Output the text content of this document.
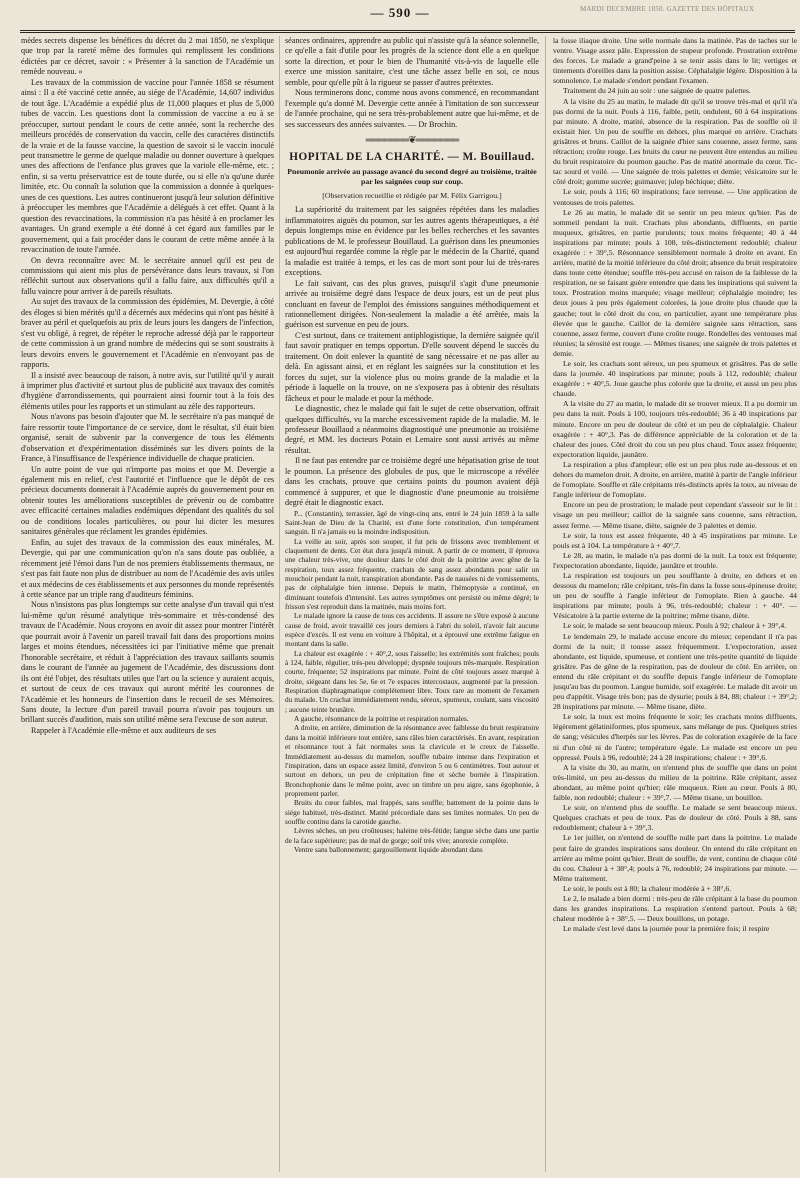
— 590 —	MARDI DECEMBRE 1850. GAZETTE DES HÔPITAUX

mèdes secrets dispense les bénéfices du décret du 2 mai 1850, ne s'explique que trop par la rareté même des formules qui remplissent les conditions édictées par ce décret, savoir : « Présenter à la sanction de l'Académie un remède nouveau. »

Les travaux de la commission de vaccine pour l'année 1858 se résument ainsi : Il a été vacciné cette année, au siége de l'Académie, 14,607 individus de tout âge. L'Académie a expédié plus de 11,000 plaques et plus de 5,000 tubes de vaccin. Les questions dont la commission de vaccine a eu à se préoccuper, surtout pendant le cours de cette année, sont la recherche des meilleurs procédés de conservation du vaccin, celle des caractères distinctifs de la vraie et de la fausse vaccine, la question de savoir si le vaccin inoculé peut transmettre le germe de quelque maladie ou donner ouverture à quelques unes des affections de l'enfance plus graves que la variole elle-même, etc. ; enfin, si sa vertu préservatrice est de toute durée, ou si elle n'a qu'une durée limitée, etc. Ou connaît la solution que la commission a donnée à quelques-unes de ces questions. Les autres continueront jusqu'à leur solution définitive à préoccuper les membres que l'Académie a délégués à cet effet. Quant à la question des revaccinations, la commission n'a pas hésité à en proclamer les avantages. Un grand exemple a été donné à cet égard aux familles par le gouvernement, qui a fait procéder dans le courant de cette même année à la revaccination de toute l'armée.

On devra reconnaître avec M. le secrétaire annuel qu'il est peu de commissions qui aient mis plus de persévérance dans leurs travaux, si l'on réfléchit surtout aux observations qu'il a fallu faire, aux difficultés qu'il a fallu vaincre pour arriver à de pareils résultats.

Au sujet des travaux de la commission des épidémies, M. Devergie, à côté des éloges si bien mérités qu'il a décernés aux médecins qui n'ont pas hésité à braver au péril et quelquefois au prix de leurs jours les dangers de l'infection, s'est vu obligé, à regret, de répéter le reproche adressé déjà par le rapporteur de cette commission à un grand nombre de médecins qui se sont soustraits à leurs devoirs envers le gouvernement et l'Académie en n'envoyant pas de rapports.

Il a insisté avec beaucoup de raison, à notre avis, sur l'utilité qu'il y aurait à imprimer plus d'activité et surtout plus de publicité aux travaux des comités d'hygiène d'arrondissements, qui pourraient ainsi fournir tout à la fois des éléments utiles pour les rapports et un stimulant au zèle des rapporteurs.

Nous n'avons pas besoin d'ajouter que M. le secrétaire n'a pas manqué de faire ressortir toute l'importance de ce service, dont le résultat, s'il était bien organisé, serait de subvenir par la convergence de tous les éléments d'observation et d'expérimentation disséminés sur les divers points de la France, à l'insuffisance de l'expérience individuelle de chaque praticien.

Un autre point de vue qui n'importe pas moins et que M. Devergie a également mis en relief, c'est l'autorité et l'influence que le dépôt de ces précieux documents donnerait à l'Académie auprès du gouvernement pour en obtenir toutes les améliorations susceptibles de prévenir ou de combattre avec efficacité certaines maladies endémiques dépendant des qualités du sol ou de conditions locales particulières, ou pour lui dicter les mesures sanitaires générales que réclament les grandes épidémies.

Enfin, au sujet des travaux de la commission des eaux minérales, M. Devergie, qui par une communication qu'on n'a sans doute pas oubliée, a récemment jeté l'émoi dans l'un de nos premiers établissements thermaux, ne s'est pas fait faute non plus de distribuer au nom de l'Académie des avis utiles et aux médecins de ces établissements et aux personnes du monde représentés à cette séance par un triple rang d'auditeurs féminins.

Nous n'insistons pas plus longtemps sur cette analyse d'un travail qui n'est lui-même qu'un résumé analytique très-sommaire et très-condensé des travaux de l'Académie. Nous croyons en avoir dit assez pour montrer l'intérêt que pourrait avoir à l'avenir un pareil travail fait dans des proportions moins larges et moins étendues, nécessitées ici par l'initiative même que prenait l'honorable secrétaire, et réduit à l'appréciation des travaux saillants soumis dans le courant de l'année au jugement de l'Académie, des discussions dont ils ont été l'objet, des résultats utiles que l'art ou la science y auraient acquis, et surtout de ceux de ces travaux qui auront mérité les couronnes de l'Académie et les honneurs de l'insertion dans le recueil de ses Mémoires. Sans doute, la lecture d'un pareil travail pourra n'avoir pas toujours un brillant succès d'audition, mais son utilité même sera l'excuse de son auteur.

Rappeler à l'Académie elle-même et aux auditeurs de ses

séances ordinaires, apprendre au public qui n'assiste qu'à la séance solennelle, ce qu'elle a fait d'utile pour les progrès de la science dont elle a en quelque sorte la direction, et pour le bien de l'humanité vis-à-vis de laquelle elle exerce une mission sanitaire, c'est une tâche assez belle en soi, ce nous semble, pour qu'elle pût à la rigueur se passer d'autres prétextes.

Nous terminerons donc, comme nous avons commencé, en recommandant l'exemple qu'a donné M. Devergie cette année à l'imitation de son successeur de l'année prochaine, qui ne sera très-probablement autre que lui-même, et de ses successeurs des années suivantes. — Dr Brochin.

═══════❦═══════
HOPITAL DE LA CHARITÉ. — M. Bouillaud.
Pneumonie arrivée au passage avancé du second degré au troisième, traitée par les saignées coup sur coup.
[Observation recueillie et rédigée par M. Félix Garrigou.]

La supériorité du traitement par les saignées répétées dans les maladies inflammatoires aiguës du poumon, sur les autres agents thérapeutiques, a été depuis longtemps mise en évidence par les belles recherches et les savantes publications de M. le professeur Bouillaud. La guérison dans les pneumonies est aujourd'hui regardée comme la règle par le médecin de la Charité, quand la maladie est traitée à temps, et les cas de mort sont pour lui de très-rares exceptions.

Le fait suivant, cas des plus graves, puisqu'il s'agit d'une pneumonie arrivée au troisième degré dans l'espace de deux jours, est un de peut plus concluant en faveur de l'emploi des émissions sanguines méthodiquement et rationnellement dirigées. Non-seulement la maladie a été arrêtée, mais la guérison est survenue en peu de jours.

C'est surtout, dans ce traitement antiphlogistique, la dernière saignée qu'il faut savoir pratiquer en temps opportun. D'elle souvent dépend le succès du traitement. On doit enlever la quantité de sang nécessaire et ne pas aller au delà. En agissant ainsi, et en réglant les saignées sur la constitution et les forces du sujet, sur la violence plus ou moins grande de la maladie et la période à laquelle on la trouve, on ne s'exposera pas à obtenir des résultats fâcheux et pour le malade et pour la méthode.

Le diagnostic, chez le malade qui fait le sujet de cette observation, offrait quelques difficultés, vu la marche excessivement rapide de la maladie. M. le professeur Bouillaud a néanmoins diagnostiqué une pneumonie au troisième degré, et MM. les docteurs Potain et Lemaire sont aussi arrivés au même résultat.

Il ne faut pas entendre par ce troisième degré une hépatisation grise de tout le poumon. La présence des globules de pus, que le microscope a révélée dans les crachats, prouve que certains points du poumon avaient déjà commencé à suppurer, et que le diagnostic d'une pneumonie au troisième degré était le diagnostic exact.

P... (Constantin), terrassier, âgé de vingt-cinq ans, entré le 24 juin 1859 à la salle Saint-Jean de Dieu de la Charité, est d'une forte constitution, d'un tempérament sanguin. Il n'a jamais eu la moindre indisposition.

La veille au soir, après son souper, il fut pris de frissons avec tremblement et claquement de dents. Cet état dura jusqu'à minuit. A partir de ce moment, il éprouva une chaleur très-vive, une douleur dans le côté droit de la poitrine avec gêne de la respiration, toux assez fréquente, crachats de sang assez abondants pour salir un mouchoir pendant la nuit, transpiration abondante. Pas de nausées ni de vomissements, pas de céphalalgie bien intense. Depuis le matin, l'hémoptysie a continué, en diminuant toutefois d'intensité. Les autres symptômes ont persisté ou même dégré; le frisson s'est reproduit dans la matinée, mais moins fort.

Le malade ignore la cause de tous ces accidents. Il assure ne s'être exposé à aucune cause de froid, avoir travaillé ces jours derniers à l'abri du soleil, n'avoir fait aucune espèce d'excès. Il est venu en voiture à l'hôpital, et a éprouvé une extrême fatigue en montant dans la salle.

La chaleur est exagérée : + 40°,2, sous l'aisselle; les extrémités sont fraîches; pouls à 124, faible, régulier, très-peu développé; dyspnée toujours très-marquée. Respiration courte, fréquente; 52 inspirations par minute. Point de côté toujours assez marqué à droite, siégeant dans les 5e, 6e et 7e espaces intercostaux, augmenté par la pression. Respiration diaphragmatique complétement libre. Toux rare au moment de l'examen du malade. Un crachat immédiatement rendu, séreux, spumeux, coulant, sans viscosité ; aucune teinte brunâtre.

A gauche, résonnance de la poitrine et respiration normales.

A droite, en arrière, diminution de la résonnance avec faiblesse du bruit respiratoire dans la moitié inférieure tout entière, sans râles bien caractérisés. En avant, respiration et résonnance tout à fait normales sous la clavicule et le creux de l'aisselle. Immédiatement au-dessus du mamelon, souffle tubaire intense dans l'expiration et l'inspiration, dans un espace assez limité, d'environ 5 ou 6 centimètres. Tout autour et surtout en dehors, un peu de crépitation fine et sèche bornée à l'inspiration. Bronchophonie dans le même point, avec un timbre un peu aigre, sans égophonie, à proprement parler.

Bruits du cœur faibles, mal frappés, sans souffle; battement de la pointe dans le siége habituel, très-distinct. Matité précordiale dans ses limites normales. Un peu de souffle continu dans la carotide gauche.

Lèvres sèches, un peu croûteuses; haleine très-fétide; langue sèche dans une partie de la face supérieure; pas de mal de gorge; soif très vive; anorexie complète.

Ventre sans ballonnement; gargouillement liquide abondant dans

la fosse iliaque droite. Une selle normale dans la matinée. Pas de taches sur le ventre. Visage assez pâle. Expression de stupeur profonde. Prostration extrême des forces. Le malade a grand'peine à se tenir assis dans le lit; vertiges et tintements d'oreilles dans la position assise. Céphalalgie légère. Disposition à la somnolence. Le malade s'endort pendant l'examen.

Traitement du 24 juin au soir : une saignée de quatre palettes.

A la visite du 25 au matin, le malade dit qu'il se trouve très-mal et qu'il n'a pas dormi de la nuit. Pouls à 116, faible, petit, ondulent, 60 à 64 inspirations par minute. A droite, matité, absence de la respiration. Pas de souffle où il existait hier. Un peu de souffle en dehors, plus marqué en arrière. Crachats grisâtres et bruns. Caillot de la saignée d'hier sans couenne, assez ferme, sans rétraction; croûte rouge. Les bruits du cœur ne peuvent être entendus au milieu du bruit respiratoire du poumon gauche. Pas de matité anormale du cœur. Tic-tac sourd et voilé. — Une saignée de trois palettes et demie; vésicatoire sur le côté droit; gomme sucrée; guimauve; julep béchique; diète.

Le soir, pouls à 116; 60 inspirations; face terreuse. — Une application de ventouses de trois palettes.

Le 26 au matin, le malade dit se sentir un peu mieux qu'hier. Pas de sommeil pendant la nuit. Crachats plus abondants, diffluents, en partie muqueux, grisâtres, en partie purulents; toux moins fréquente; 40 à 44 inspirations par minute; pouls à 108, très-distinctement redoublé; chaleur exagérée : + 39°,5. Résonnance sensiblement normale à droite en avant. En arrière, matité de la moitié inférieure du côté droit; absence du bruit respiratoire dans toute cette étendue; souffle très-peu accusé en raison de la faiblesse de la respiration, ne se faisant guère entendre que dans les inspirations qui suivent la toux. Prostration moins marquée; visage meilleur; céphalalgie moindre; les deux joues à peu près également colorées, la joue droite plus chaude que la gauche; tout le côté droit du cou, en particulier, ayant une température plus élevée que le gauche. Caillot de la dernière saignée sans rétraction, sans couenne, assez ferme, couvert d'une croûte rouge. Rondelles des ventouses mal réunies; la sérosité est rouge. — Mêmes tisanes; une saignée de trois palettes et demie.

Le soir, les crachats sont séreux, un peu spumeux et grisâtres. Pas de selle dans la journée. 40 inspirations par minute; pouls à 112, redoublé; chaleur exagérée : + 40°,5. Joue gauche plus colorée que la droite, et aussi un peu plus chaude.

A la visite du 27 au matin, le malade dit se trouver mieux. Il a pu dormir un peu dans la nuit. Pouls à 100, toujours très-redoublé; 36 à 40 inspirations par minute. Encore un peu de douleur de côté et un peu de céphalalgie. Chaleur exagérée : + 40°,3. Pas de différence appréciable de la coloration et de la chaleur des joues. Côté droit du cou un peu plus chaud. Toux assez fréquente; expectoration liquide, jaunâtre.

La respiration a plus d'ampleur; elle est un peu plus rude au-dessous et en dehors du mamelon droit. A droite, en arrière, matité à partir de l'angle inférieur de l'omoplate. Souffle et râle crépitants très-distincts après la toux, au niveau de l'angle inférieur de l'omoplate.

Encore un peu de prostration; le malade peut cependant s'asseoir sur le lit : visage un peu meilleur; caillot de la saignée sans couenne, sans rétraction, assez ferme. — Même tisane, diète, saignée de 3 palettes et demie.

Le soir, la toux est assez fréquente, 40 à 45 inspirations par minute. Le pouls est à 104. La température à + 40°,7.

Le 28, au matin, le malade n'a pas dormi de la nuit. La toux est fréquente; l'expectoration abondante, liquide, jaunâtre et trouble.

La respiration est toujours un peu soufflante à droite, en dehors et en dessous du mamelon; râle crépitant, très-fin dans la fosse sous-épineuse droite; un peu de souffle à l'angle inférieur de l'omoplate. Rien à gauche. 44 inspirations par minute; pouls à 96, très-redoublé; chaleur : + 40°. — Vésicatoire à la partie externe de la poitrine; même tisane, diète.

Le soir, le malade se sent beaucoup mieux. Pouls à 92; chaleur à + 39°,4.

Le lendemain 29, le malade accuse encore du mieux; cependant il n'a pas dormi de la nuit; il tousse assez fréquemment. L'expectoration, assez abondante, est liquide, spumeuse, et contient une très-petite quantité de liquide grisâtre. Pas de gêne de la respiration, pas de douleur de côté. En arrière, on entend du râle crépitant et du souffle depuis l'angle inférieur de l'omoplate jusqu'au bas du poumon. Langue humide, soif exagérée. Le malade dit avoir un peu d'appétit. Visage très bon; pas de dysurie; pouls à 84, 88; chaleur : + 39°,2; 28 inspirations par minute. — Même tisane, diète.

Le soir, la toux est moins fréquente le soir; les crachats moins diffluents, légèrement gélatiniformes, plus spumeux, sans mélange de pus. Quelques stries de sang; vésicules d'herpès sur les lèvres. Pas de coloration exagérée de la face ni d'un côté ni de l'autre; température égale. Le malade est encore un peu oppressé. Pouls à 96, redoublé; 24 à 28 inspirations; chaleur : + 39°,6.

A la visite du 30, au matin, on n'entend plus de souffle que dans un point très-limité, un peu au-dessus du milieu de la poitrine. Râle crépitant, assez abondant, au même point qu'hier; râle muqueux. Rien au cœur. Pouls à 80, faible, non redoublé; chaleur : + 39°,7. — Même tisane, un bouillon.

Le soir, on n'entend plus de souffle. Le malade se sent beaucoup mieux. Quelques crachats et peu de toux. Pas de douleur de côté. Pouls à 88, sans redoublement; chaleur à + 39°,3.

Le 1er juillet, on n'entend de souffle nulle part dans la poitrine. Le malade peut faire de grandes inspirations sans douleur. On entend du râle crépitant en arrière au même point qu'hier. Bruit de souffle, de vent, continu de chaque côté du cou. Chaleur à + 38°,4; pouls à 76, redoublé; 24 inspirations par minute. — Même traitement.

Le soir, le pouls est à 80; la chaleur modérée à + 38°,6.

Le 2, le malade a bien dormi : très-peu de râle crépitant à la base du poumon dans les grandes inspirations. La respiration s'entend partout. Pouls à 68; chaleur modérée à + 38°,5. — Deux bouillons, un potage.

Le malade s'est levé dans la journée pour la première fois; il respire
